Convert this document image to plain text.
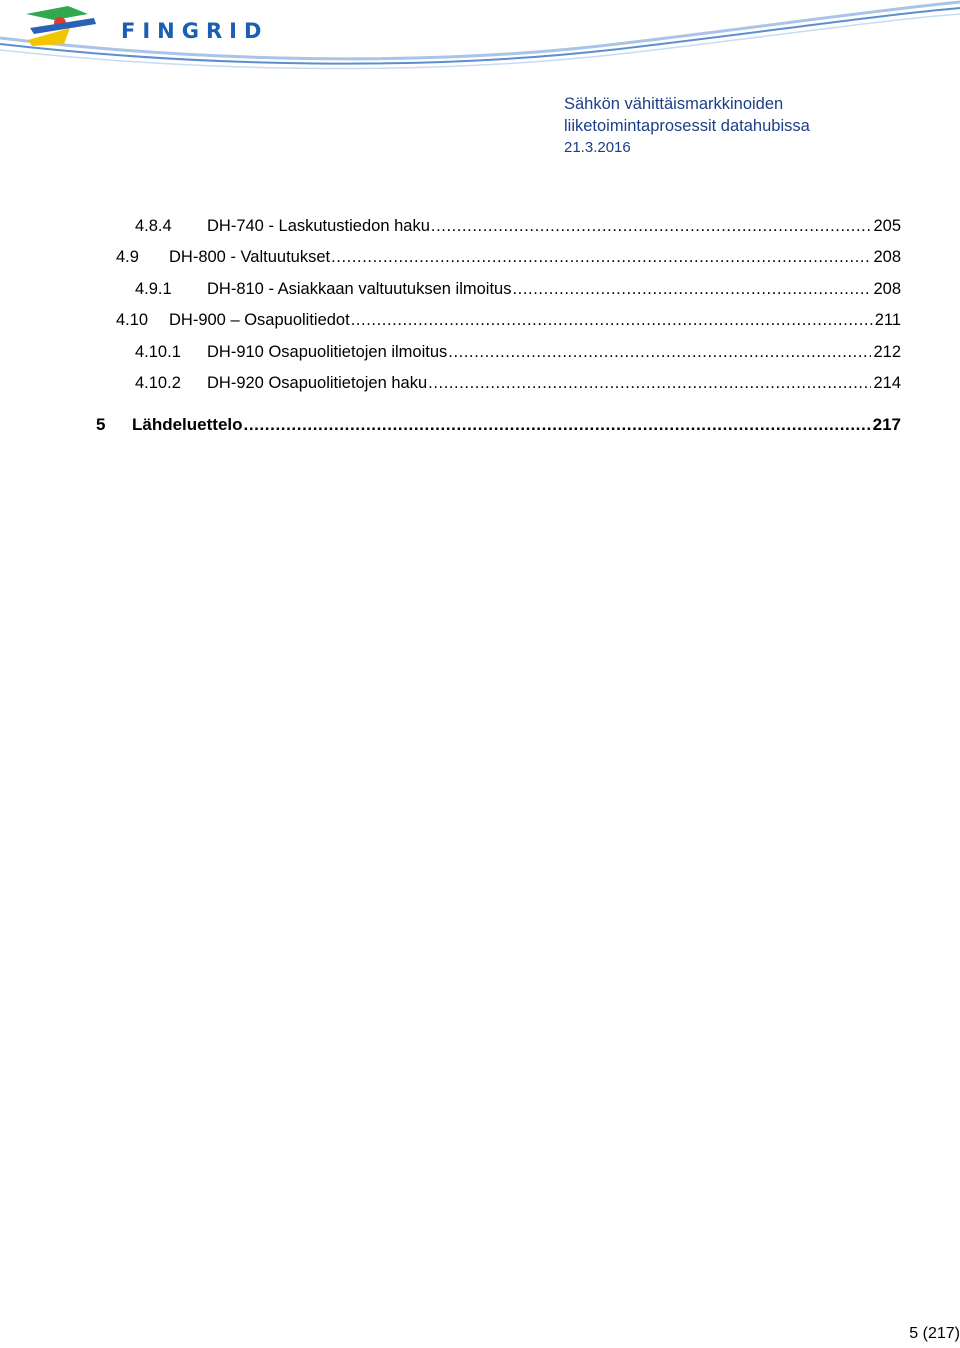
FINGRID
Sähkön vähittäismarkkinoiden
liiketoimintaprosessit datahubissa
21.3.2016
4.8.4	DH-740 - Laskutustiedon haku .....	205
4.9	DH-800 - Valtuutukset .....	208
4.9.1	DH-810 - Asiakkaan valtuutuksen ilmoitus .....	208
4.10	DH-900 – Osapuolitiedot .....	211
4.10.1	DH-910 Osapuolitietojen ilmoitus .....	212
4.10.2	DH-920 Osapuolitietojen haku .....	214
5	Lähdeluettelo .....	217
5 (217)
